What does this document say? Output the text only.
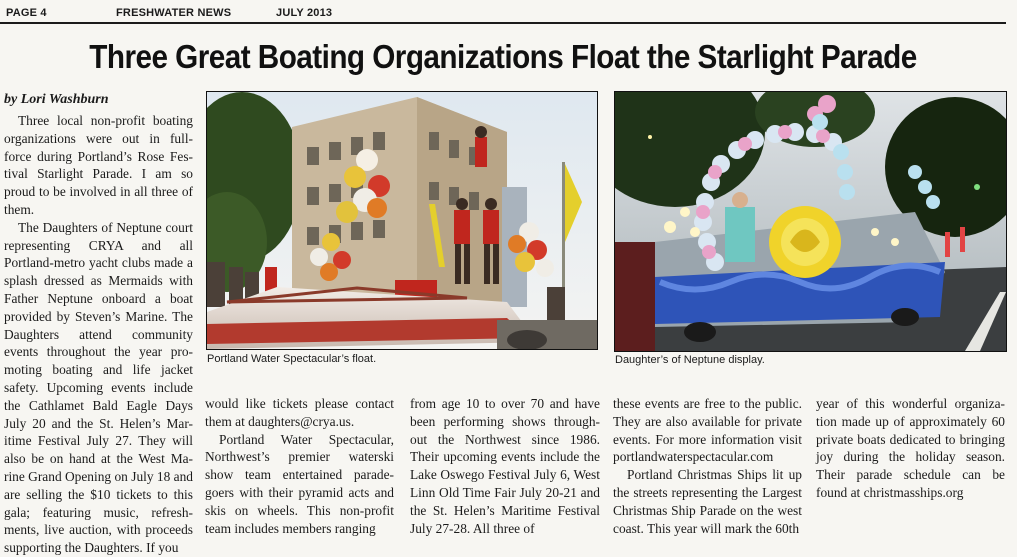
PAGE 4	FRESHWATER NEWS	JULY 2013
Three Great Boating Organizations Float the Starlight Parade
by Lori Washburn

Three local non-profit boating organizations were out in full-force during Portland’s Rose Fes-tival Starlight Parade. I am so proud to be involved in all three of them.

The Daughters of Neptune court representing CRYA and all Portland-metro yacht clubs made a splash dressed as Mermaids with Father Neptune onboard a boat provided by Steven’s Marine. The Daughters attend community events throughout the year pro-moting boating and life jacket safety. Upcoming events include the Cathlamet Bald Eagle Days July 20 and the St. Helen’s Mar-itime Festival July 27. They will also be on hand at the West Ma-rine Grand Opening on July 18 and are selling the $10 tickets to this gala; featuring music, refresh-ments, live auction, with proceeds supporting the Daughters. If you

Portland Water Spectacular’s float.	Daughter’s of Neptune display.

would like tickets please contact them at daughters@crya.us.

Portland Water Spectacular, Northwest’s premier waterski show team entertained parade-goers with their pyramid acts and skis on wheels. This non-profit team includes members ranging

from age 10 to over 70 and have been performing shows through-out the Northwest since 1986. Their upcoming events include the Lake Oswego Festival July 6, West Linn Old Time Fair July 20-21 and the St. Helen’s Maritime Festival July 27-28. All three of

these events are free to the public. They are also available for private events. For more information visit portlandwaterspectacular.com

Portland Christmas Ships lit up the streets representing the Largest Christmas Ship Parade on the west coast. This year will mark the 60th

year of this wonderful organiza-tion made up of approximately 60 private boats dedicated to bringing joy during the holiday season. Their parade schedule can be found at christmasships.org
